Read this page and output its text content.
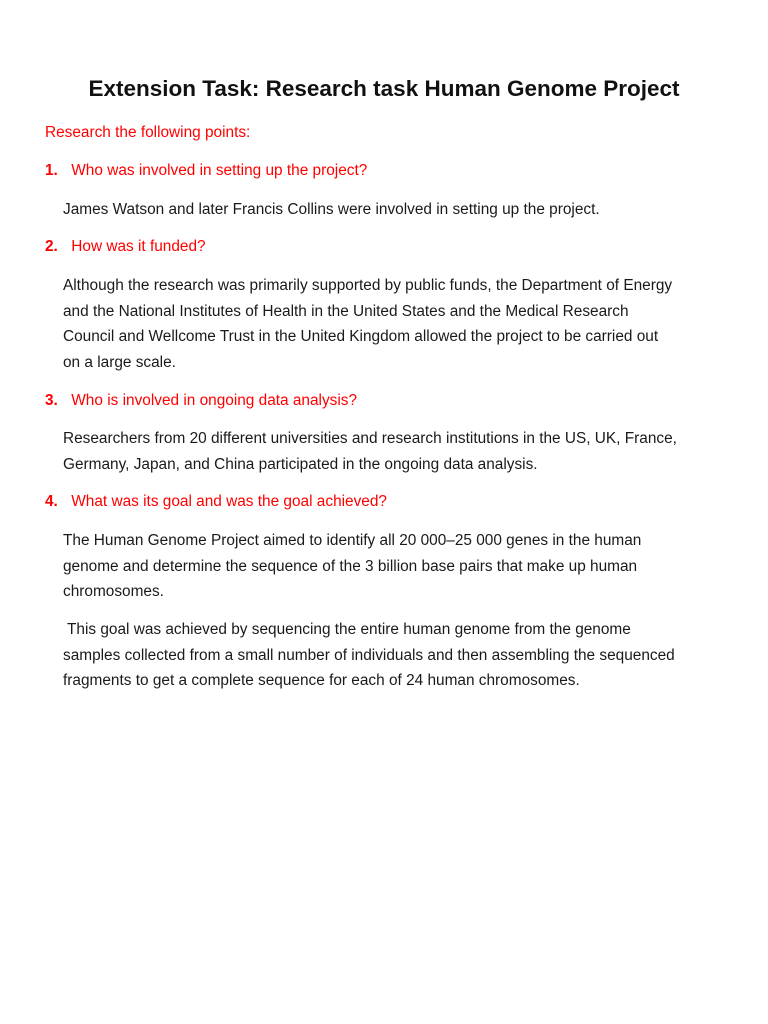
Extension Task: Research task Human Genome Project
Research the following points:
1. Who was involved in setting up the project?

James Watson and later Francis Collins were involved in setting up the project.

2. How was it funded?

Although the research was primarily supported by public funds, the Department of Energy

and the National Institutes of Health in the United States and the Medical Research

Council and Wellcome Trust in the United Kingdom allowed the project to be carried out

on a large scale.

3. Who is involved in ongoing data analysis?

Researchers from 20 different universities and research institutions in the US, UK, France,

Germany, Japan, and China participated in the ongoing data analysis.

4. What was its goal and was the goal achieved?

The Human Genome Project aimed to identify all 20 000–25 000 genes in the human

genome and determine the sequence of the 3 billion base pairs that make up human

chromosomes.

This goal was achieved by sequencing the entire human genome from the genome

samples collected from a small number of individuals and then assembling the sequenced

fragments to get a complete sequence for each of 24 human chromosomes.
